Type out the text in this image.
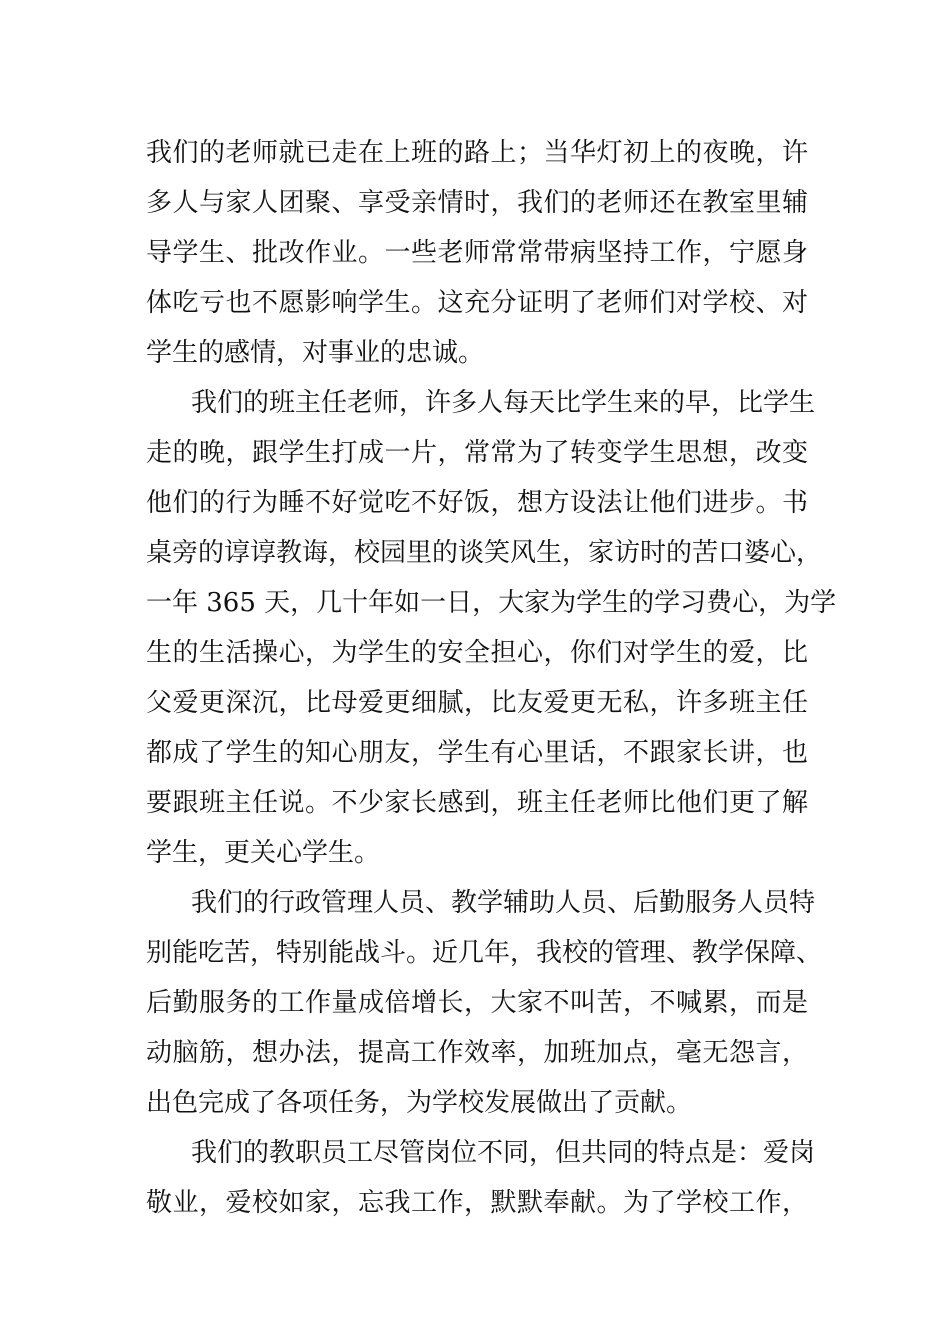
我们的老师就已走在上班的路上；当华灯初上的夜晚，许
多人与家人团聚、享受亲情时，我们的老师还在教室里辅
导学生、批改作业。一些老师常常带病坚持工作，宁愿身
体吃亏也不愿影响学生。这充分证明了老师们对学校、对
学生的感情，对事业的忠诚。
我们的班主任老师，许多人每天比学生来的早，比学生
走的晚，跟学生打成一片，常常为了转变学生思想，改变
他们的行为睡不好觉吃不好饭，想方设法让他们进步。书
桌旁的谆谆教诲，校园里的谈笑风生，家访时的苦口婆心，
一年 365 天，几十年如一日，大家为学生的学习费心，为学
生的生活操心，为学生的安全担心，你们对学生的爱，比
父爱更深沉，比母爱更细腻，比友爱更无私，许多班主任
都成了学生的知心朋友，学生有心里话，不跟家长讲，也
要跟班主任说。不少家长感到，班主任老师比他们更了解
学生，更关心学生。
我们的行政管理人员、教学辅助人员、后勤服务人员特
别能吃苦，特别能战斗。近几年，我校的管理、教学保障、
后勤服务的工作量成倍增长，大家不叫苦，不喊累，而是
动脑筋，想办法，提高工作效率，加班加点，毫无怨言，
出色完成了各项任务，为学校发展做出了贡献。
我们的教职员工尽管岗位不同，但共同的特点是：爱岗
敬业，爱校如家，忘我工作，默默奉献。为了学校工作，
